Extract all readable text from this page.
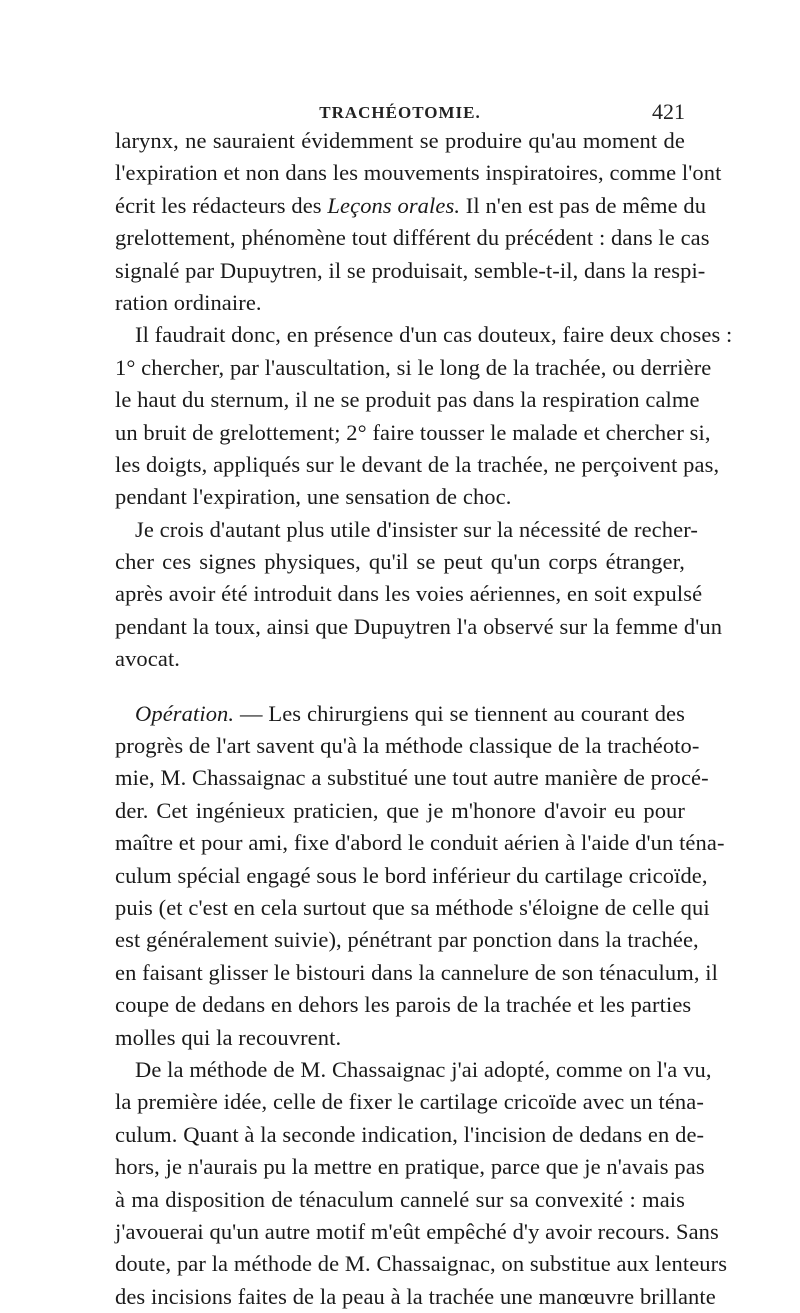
TRACHÉOTOMIE.	421
larynx, ne sauraient évidemment se produire qu'au moment de
l'expiration et non dans les mouvements inspiratoires, comme l'ont
écrit les rédacteurs des Leçons orales. Il n'en est pas de même du
grelottement, phénomène tout différent du précédent : dans le cas
signalé par Dupuytren, il se produisait, semble-t-il, dans la respi-
ration ordinaire.
Il faudrait donc, en présence d'un cas douteux, faire deux choses :
1° chercher, par l'auscultation, si le long de la trachée, ou derrière
le haut du sternum, il ne se produit pas dans la respiration calme
un bruit de grelottement; 2° faire tousser le malade et chercher si,
les doigts, appliqués sur le devant de la trachée, ne perçoivent pas,
pendant l'expiration, une sensation de choc.
Je crois d'autant plus utile d'insister sur la nécessité de recher-
cher ces signes physiques, qu'il se peut qu'un corps étranger,
après avoir été introduit dans les voies aériennes, en soit expulsé
pendant la toux, ainsi que Dupuytren l'a observé sur la femme d'un
avocat.
Opération. — Les chirurgiens qui se tiennent au courant des
progrès de l'art savent qu'à la méthode classique de la trachéoto-
mie, M. Chassaignac a substitué une tout autre manière de procé-
der. Cet ingénieux praticien, que je m'honore d'avoir eu pour
maître et pour ami, fixe d'abord le conduit aérien à l'aide d'un téna-
culum spécial engagé sous le bord inférieur du cartilage cricoïde,
puis (et c'est en cela surtout que sa méthode s'éloigne de celle qui
est généralement suivie), pénétrant par ponction dans la trachée,
en faisant glisser le bistouri dans la cannelure de son ténaculum, il
coupe de dedans en dehors les parois de la trachée et les parties
molles qui la recouvrent.
De la méthode de M. Chassaignac j'ai adopté, comme on l'a vu,
la première idée, celle de fixer le cartilage cricoïde avec un téna-
culum. Quant à la seconde indication, l'incision de dedans en de-
hors, je n'aurais pu la mettre en pratique, parce que je n'avais pas
à ma disposition de ténaculum cannelé sur sa convexité : mais
j'avouerai qu'un autre motif m'eût empêché d'y avoir recours. Sans
doute, par la méthode de M. Chassaignac, on substitue aux lenteurs
des incisions faites de la peau à la trachée une manœuvre brillante
